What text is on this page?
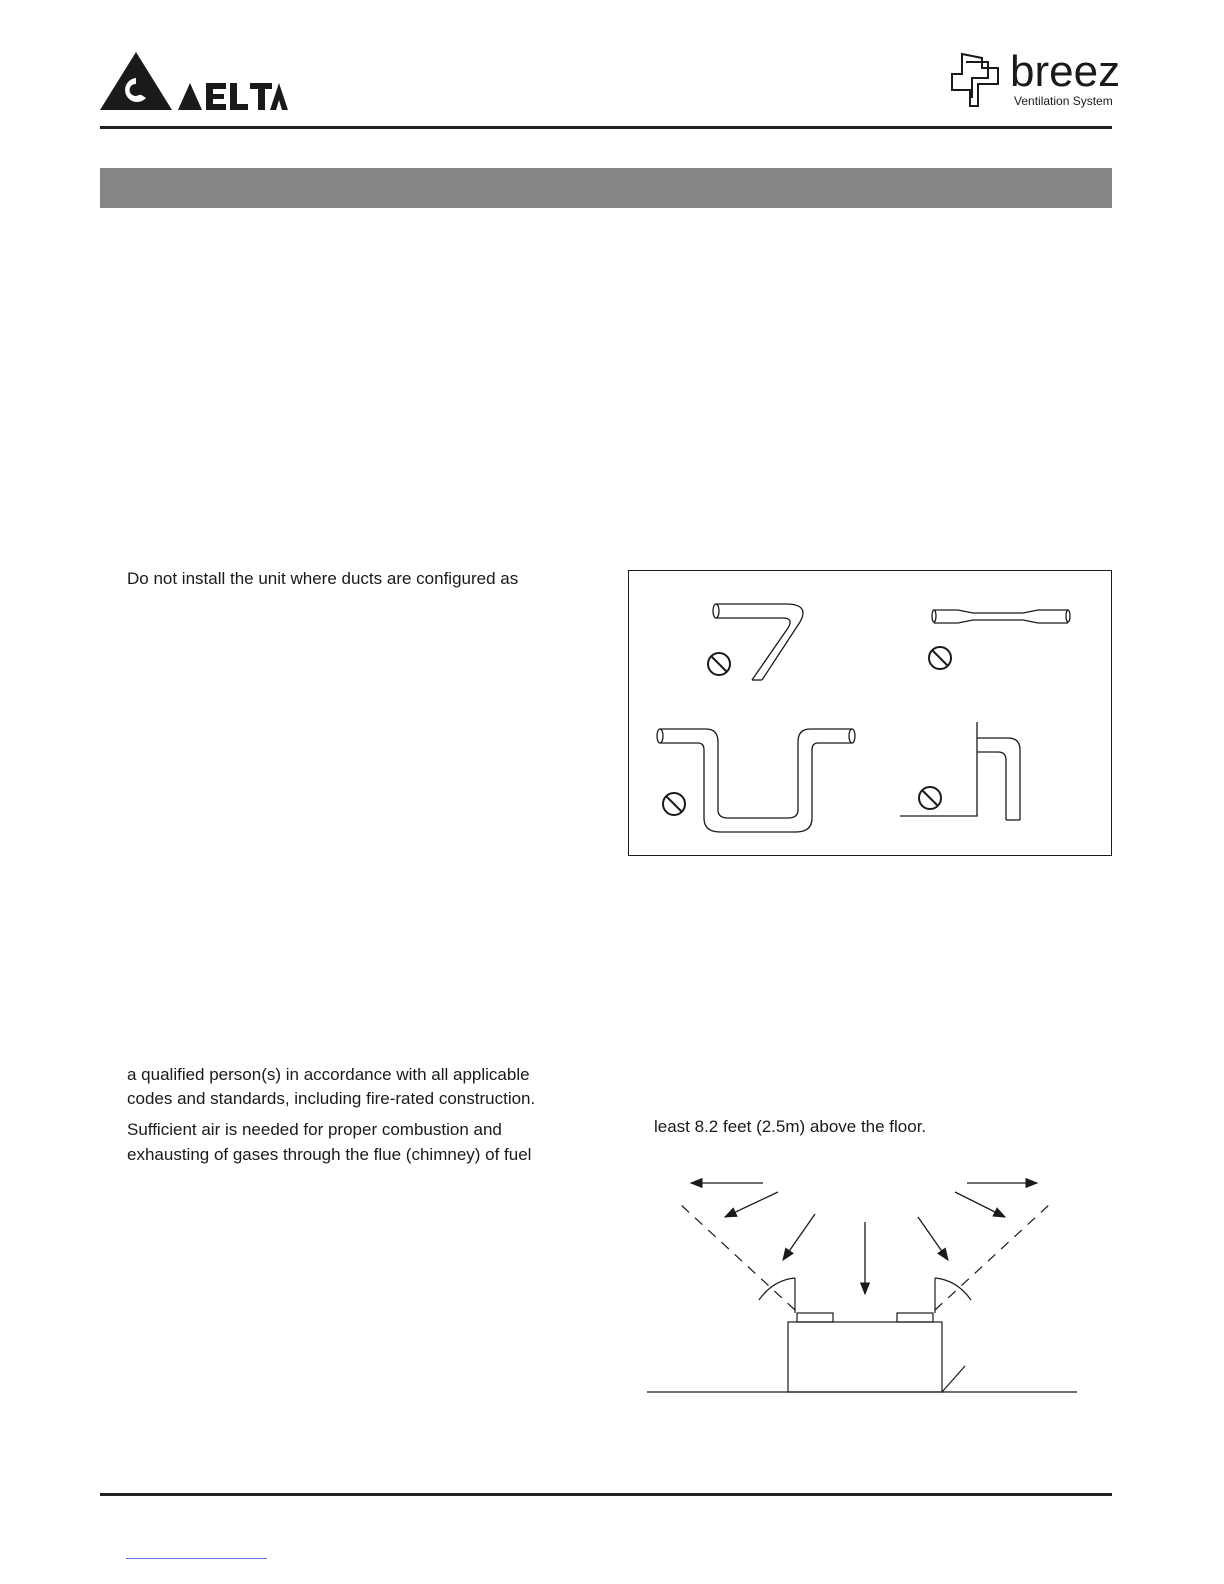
breez
Ventilation System
Do not install the unit where ducts are configured as
a qualified person(s) in accordance with all applicable
codes and standards, including fire-rated construction.
Sufficient air is needed for proper combustion and
exhausting of gases through the flue (chimney) of fuel
least 8.2 feet (2.5m) above the floor.
